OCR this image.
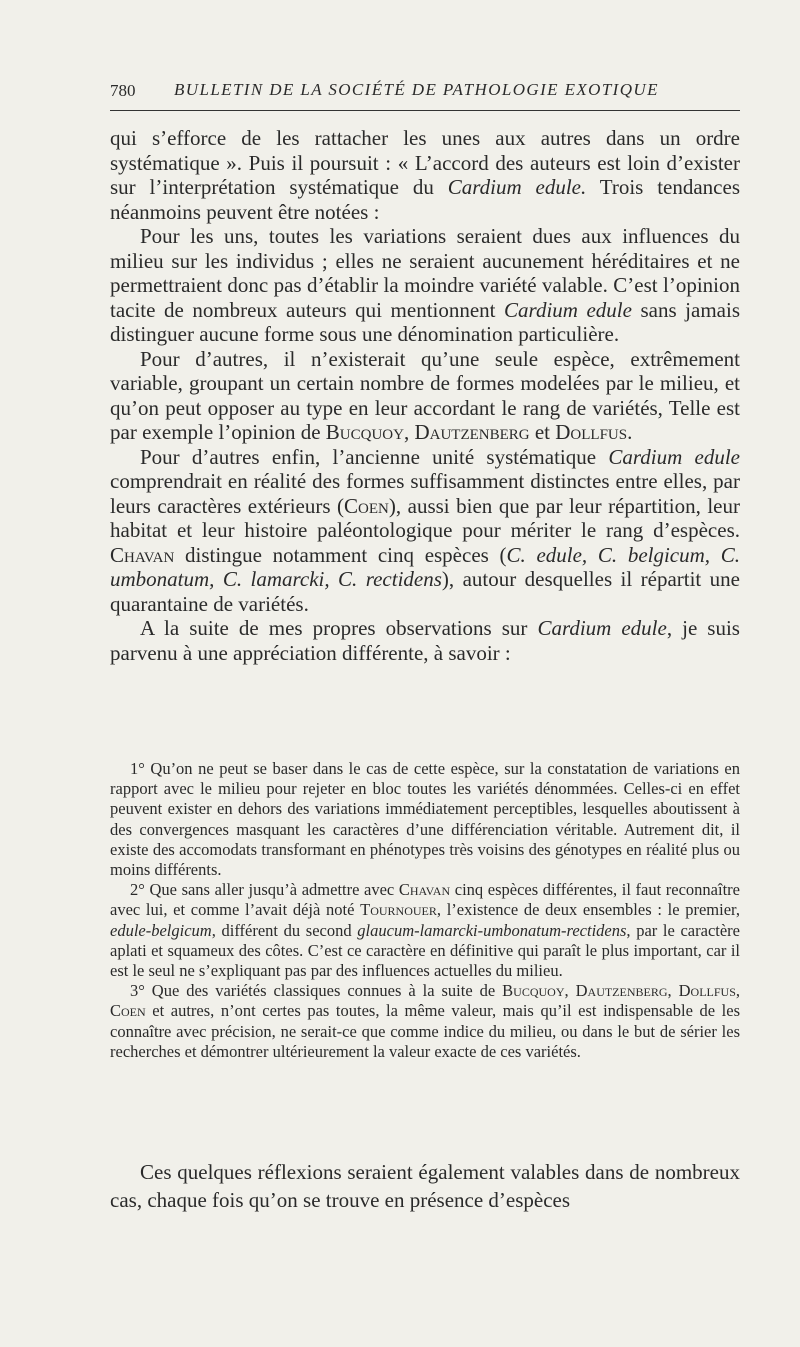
780 BULLETIN DE LA SOCIÉTÉ DE PATHOLOGIE EXOTIQUE

qui s’efforce de les rattacher les unes aux autres dans un ordre systématique ». Puis il poursuit : « L’accord des auteurs est loin d’exister sur l’interprétation systématique du Cardium edule. Trois tendances néanmoins peuvent être notées :

Pour les uns, toutes les variations seraient dues aux influences du milieu sur les individus ; elles ne seraient aucunement héréditaires et ne permettraient donc pas d’établir la moindre variété valable. C’est l’opinion tacite de nombreux auteurs qui mentionnent Cardium edule sans jamais distinguer aucune forme sous une dénomination particulière.

Pour d’autres, il n’existerait qu’une seule espèce, extrêmement variable, groupant un certain nombre de formes modelées par le milieu, et qu’on peut opposer au type en leur accordant le rang de variétés, Telle est par exemple l’opinion de Bucquoy, Dautzenberg et Dollfus.

Pour d’autres enfin, l’ancienne unité systématique Cardium edule comprendrait en réalité des formes suffisamment distinctes entre elles, par leurs caractères extérieurs (Coen), aussi bien que par leur répartition, leur habitat et leur histoire paléontologique pour mériter le rang d’espèces. Chavan distingue notamment cinq espèces (C. edule, C. belgicum, C. umbonatum, C. lamarcki, C. rectidens), autour desquelles il répartit une quarantaine de variétés.

A la suite de mes propres observations sur Cardium edule, je suis parvenu à une appréciation différente, à savoir :

1° Qu’on ne peut se baser dans le cas de cette espèce, sur la constatation de variations en rapport avec le milieu pour rejeter en bloc toutes les variétés dénommées. Celles-ci en effet peuvent exister en dehors des variations immédiatement perceptibles, lesquelles aboutissent à des convergences masquant les caractères d’une différenciation véritable. Autrement dit, il existe des accomodats transformant en phénotypes très voisins des génotypes en réalité plus ou moins différents.

2° Que sans aller jusqu’à admettre avec Chavan cinq espèces différentes, il faut reconnaître avec lui, et comme l’avait déjà noté Tournouer, l’existence de deux ensembles : le premier, edule-belgicum, différent du second glaucum-lamarcki-umbonatum-rectidens, par le caractère aplati et squameux des côtes. C’est ce caractère en définitive qui paraît le plus important, car il est le seul ne s’expliquant pas par des influences actuelles du milieu.

3° Que des variétés classiques connues à la suite de Bucquoy, Dautzenberg, Dollfus, Coen et autres, n’ont certes pas toutes, la même valeur, mais qu’il est indispensable de les connaître avec précision, ne serait-ce que comme indice du milieu, ou dans le but de sérier les recherches et démontrer ultérieurement la valeur exacte de ces variétés.

Ces quelques réflexions seraient également valables dans de nombreux cas, chaque fois qu’on se trouve en présence d’espèces
